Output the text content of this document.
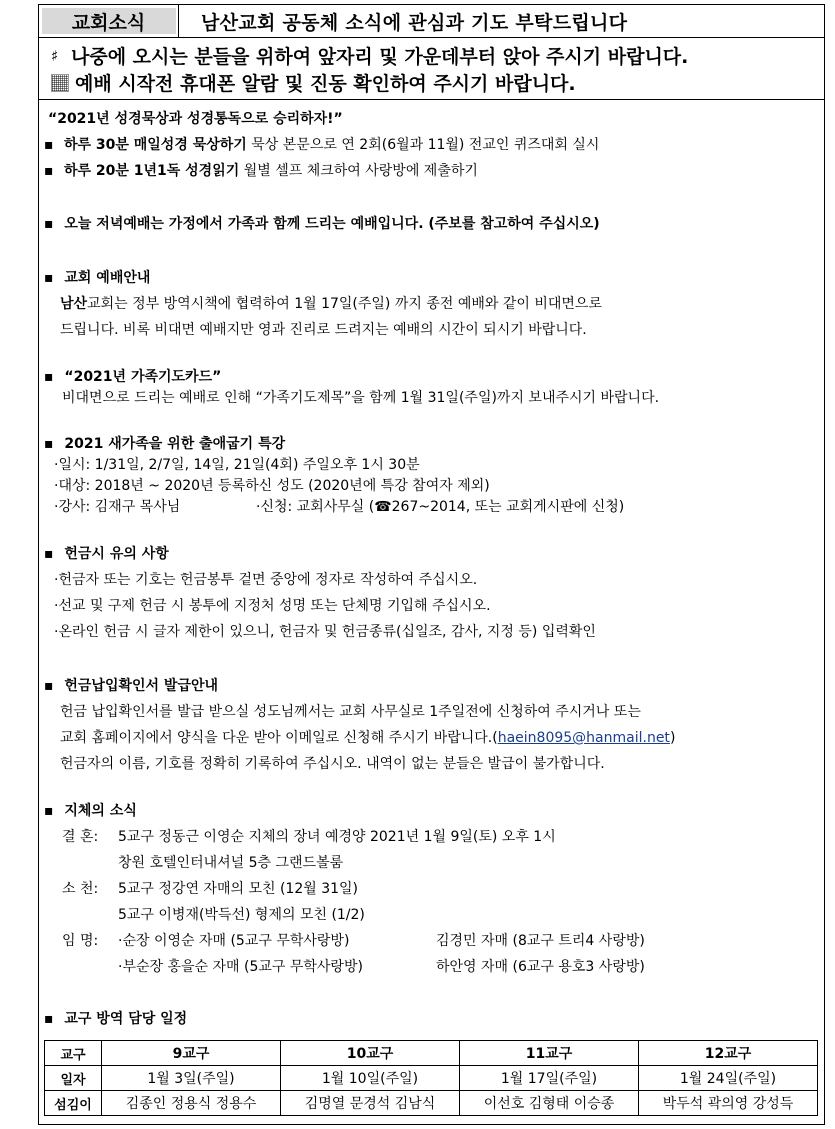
교회소식	남산교회 공동체 소식에 관심과 기도 부탁드립니다
♯ 나중에 오시는 분들을 위하여 앞자리 및 가운데부터 앉아 주시기 바랍니다.
예배 시작전 휴대폰 알람 및 진동 확인하여 주시기 바랍니다.
“2021년 성경묵상과 성경통독으로 승리하자!”
▪ 하루 30분 매일성경 묵상하기 묵상 본문으로 연 2회(6월과 11월) 전교인 퀴즈대회 실시
▪ 하루 20분 1년1독 성경읽기 월별 셀프 체크하여 사랑방에 제출하기
▪ 오늘 저녁예배는 가정에서 가족과 함께 드리는 예배입니다. (주보를 참고하여 주십시오)
▪ 교회 예배안내
남산교회는 정부 방역시책에 협력하여 1월 17일(주일) 까지 종전 예배와 같이 비대면으로
드립니다. 비록 비대면 예배지만 영과 진리로 드려지는 예배의 시간이 되시기 바랍니다.
▪ “2021년 가족기도카드”
비대면으로 드리는 예배로 인해 “가족기도제목”을 함께 1월 31일(주일)까지 보내주시기 바랍니다.
▪ 2021 새가족을 위한 출애굽기 특강
·일시: 1/31일, 2/7일, 14일, 21일(4회) 주일오후 1시 30분
·대상: 2018년 ~ 2020년 등록하신 성도 (2020년에 특강 참여자 제외)
·강사: 김재구 목사님	·신청: 교회사무실 (☎267~2014, 또는 교회게시판에 신청)
▪ 헌금시 유의 사항
·헌금자 또는 기호는 헌금봉투 겉면 중앙에 정자로 작성하여 주십시오.
·선교 및 구제 헌금 시 봉투에 지정처 성명 또는 단체명 기입해 주십시오.
·온라인 헌금 시 글자 제한이 있으니, 헌금자 및 헌금종류(십일조, 감사, 지정 등) 입력확인
▪ 헌금납입확인서 발급안내
헌금 납입확인서를 발급 받으실 성도님께서는 교회 사무실로 1주일전에 신청하여 주시거나 또는
교회 홈페이지에서 양식을 다운 받아 이메일로 신청해 주시기 바랍니다.(haein8095@hanmail.net)
헌금자의 이름, 기호를 정확히 기록하여 주십시오. 내역이 없는 분들은 발급이 불가합니다.
▪ 지체의 소식
결 혼: 5교구 정동근 이영순 지체의 장녀 예경양 2021년 1월 9일(토) 오후 1시
창원 호텔인터내셔널 5층 그랜드볼룸
소 천: 5교구 정강연 자매의 모친 (12월 31일)
5교구 이병재(박득선) 형제의 모친 (1/2)
임 명: ·순장 이영순 자매 (5교구 무학사랑방)	김경민 자매 (8교구 트리4 사랑방)
·부순장 홍을순 자매 (5교구 무학사랑방)	하안영 자매 (6교구 용호3 사랑방)
▪ 교구 방역 담당 일정
교구	9교구	10교구	11교구	12교구
일자	1월 3일(주일)	1월 10일(주일)	1월 17일(주일)	1월 24일(주일)
섬김이	김종인 정용식 정용수	김명열 문경석 김남식	이선호 김형태 이승종	박두석 곽의영 강성득
